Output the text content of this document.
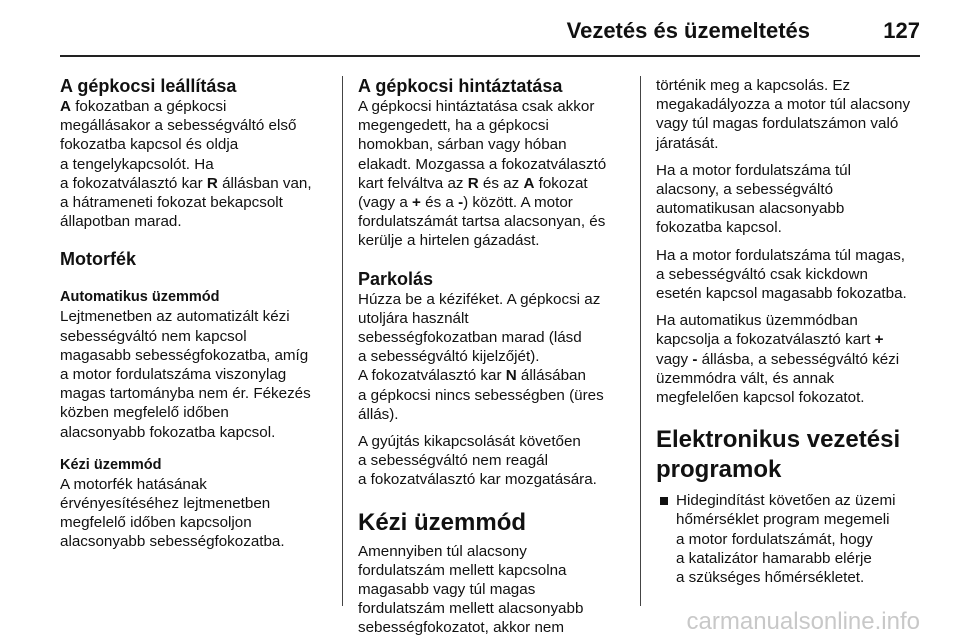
Vezetés és üzemeltetés	127
A gépkocsi leállítása

A fokozatban a gépkocsi
megállásakor a sebességváltó első
fokozatba kapcsol és oldja
a tengelykapcsolót. Ha
a fokozatválasztó kar R állásban van,
a hátrameneti fokozat bekapcsolt
állapotban marad.

Motorfék
Automatikus üzemmód

Lejtmenetben az automatizált kézi
sebességváltó nem kapcsol
magasabb sebességfokozatba, amíg
a motor fordulatszáma viszonylag
magas tartományba nem ér. Fékezés
közben megfelelő időben
alacsonyabb fokozatba kapcsol.

Kézi üzemmód

A motorfék hatásának
érvényesítéséhez lejtmenetben
megfelelő időben kapcsoljon
alacsonyabb sebességfokozatba.

A gépkocsi hintáztatása

A gépkocsi hintáztatása csak akkor
megengedett, ha a gépkocsi
homokban, sárban vagy hóban
elakadt. Mozgassa a fokozatválasztó
kart felváltva az R és az A fokozat
(vagy a + és a -) között. A motor
fordulatszámát tartsa alacsonyan, és
kerülje a hirtelen gázadást.

Parkolás

Húzza be a kéziféket. A gépkocsi az
utoljára használt
sebességfokozatban marad (lásd
a sebességváltó kijelzőjét).
A fokozatválasztó kar N állásában
a gépkocsi nincs sebességben (üres
állás).

A gyújtás kikapcsolását követően
a sebességváltó nem reagál
a fokozatválasztó kar mozgatására.

Kézi üzemmód

Amennyiben túl alacsony
fordulatszám mellett kapcsolna
magasabb vagy túl magas
fordulatszám mellett alacsonyabb
sebességfokozatot, akkor nem

történik meg a kapcsolás. Ez
megakadályozza a motor túl alacsony
vagy túl magas fordulatszámon való
járatását.

Ha a motor fordulatszáma túl
alacsony, a sebességváltó
automatikusan alacsonyabb
fokozatba kapcsol.

Ha a motor fordulatszáma túl magas,
a sebességváltó csak kickdown
esetén kapcsol magasabb fokozatba.

Ha automatikus üzemmódban
kapcsolja a fokozatválasztó kart +
vagy - állásba, a sebességváltó kézi
üzemmódra vált, és annak
megfelelően kapcsol fokozatot.

Elektronikus vezetési
programok
Hidegindítást követően az üzemi
hőmérséklet program megemeli
a motor fordulatszámát, hogy
a katalizátor hamarabb elérje
a szükséges hőmérsékletet.
carmanualsonline.info
